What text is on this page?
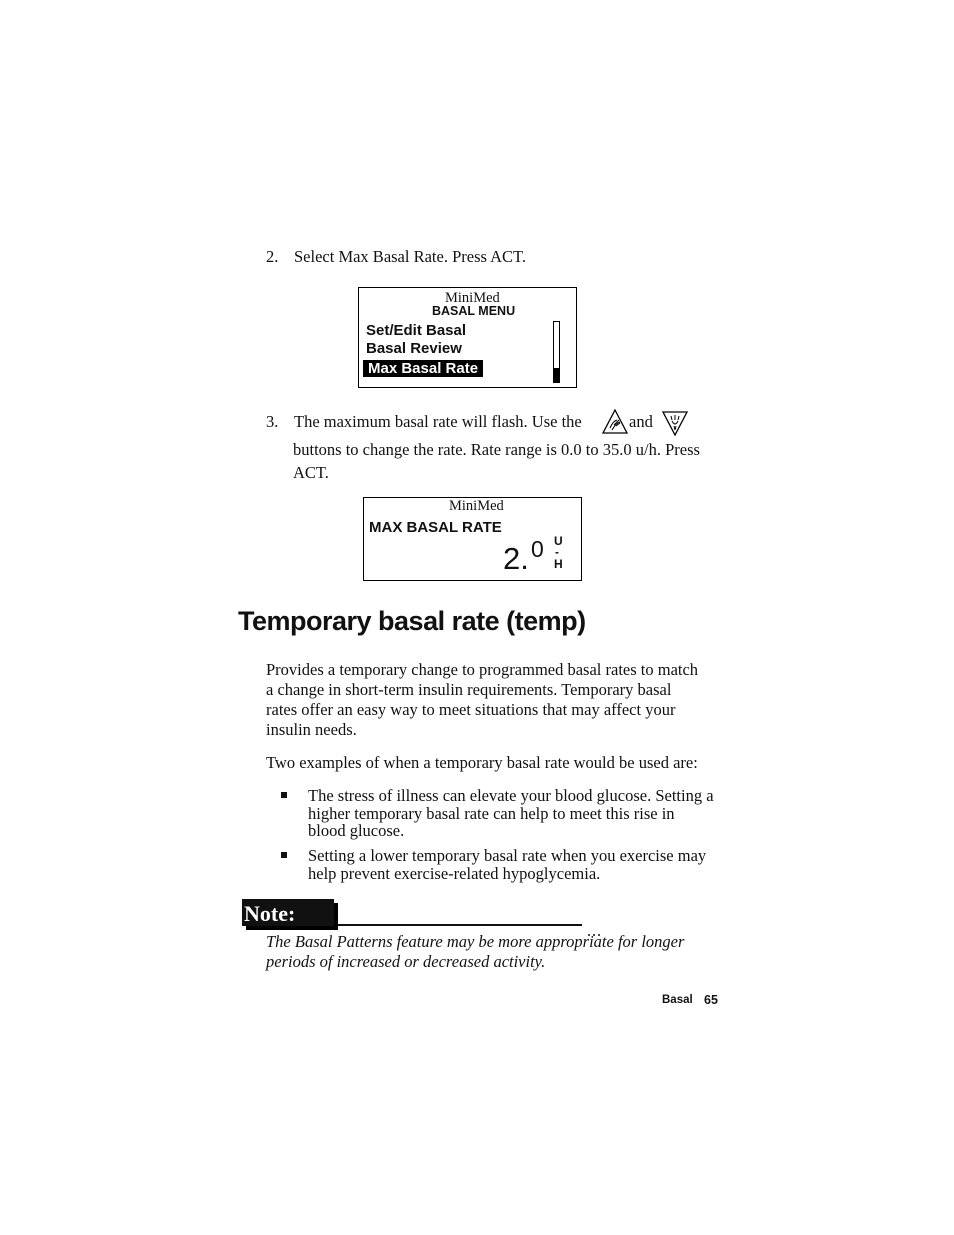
2. Select Max Basal Rate. Press ACT.
MiniMed
BASAL MENU
Set/Edit Basal
Basal Review
Max Basal Rate
3. The maximum basal rate will flash. Use the	and
buttons to change the rate. Rate range is 0.0 to 35.0 u/h. Press
ACT.
MiniMed
MAX BASAL RATE
2. 0 U
-
H
Temporary basal rate (temp)
Provides a temporary change to programmed basal rates to match
a change in short-term insulin requirements. Temporary basal
rates offer an easy way to meet situations that may affect your
insulin needs.
Two examples of when a temporary basal rate would be used are:
The stress of illness can elevate your blood glucose. Setting a
higher temporary basal rate can help to meet this rise in
blood glucose.
Setting a lower temporary basal rate when you exercise may
help prevent exercise-related hypoglycemia.
Note:
The Basal Patterns feature may be more appropriate for longer
periods of increased or decreased activity.
Basal 65
